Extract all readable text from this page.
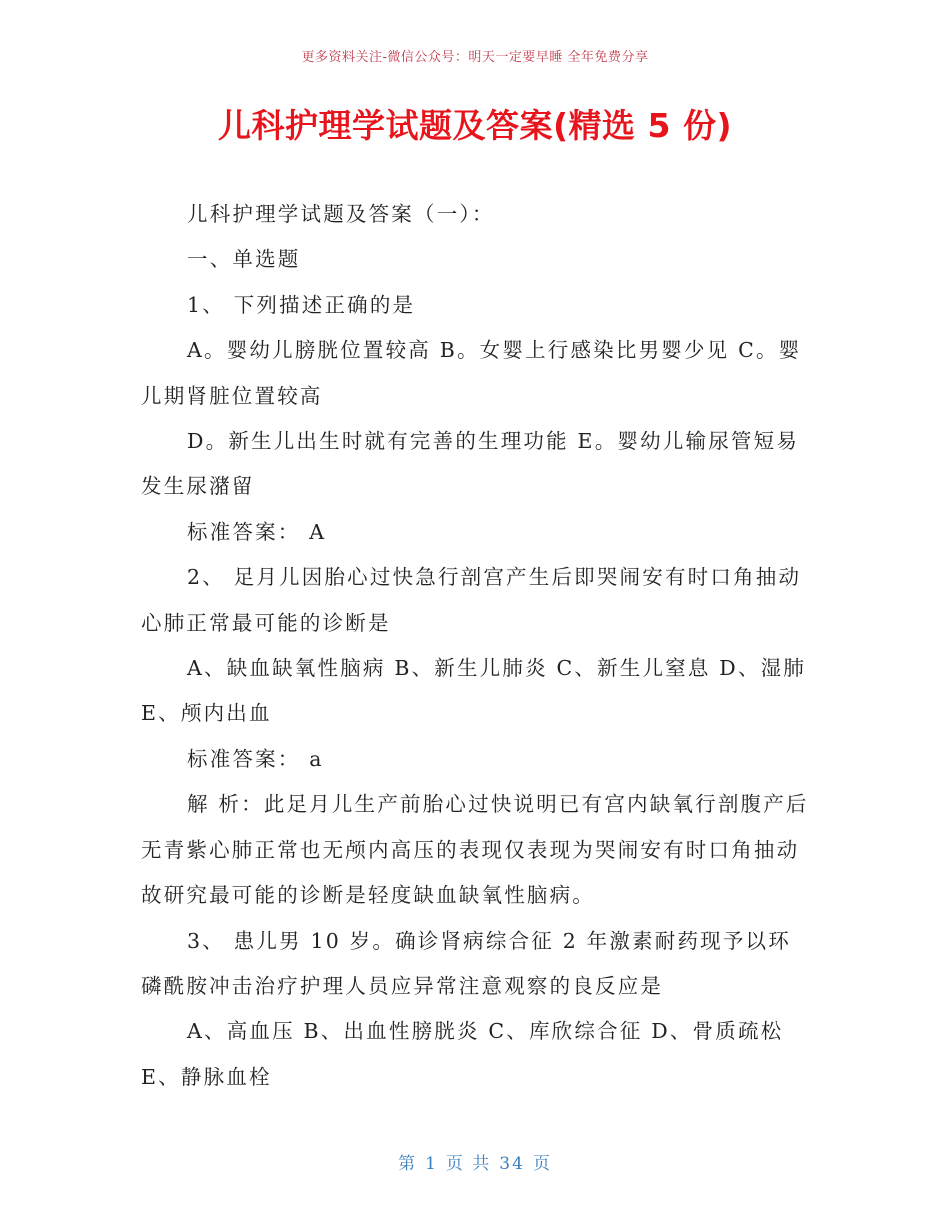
更多资料关注-微信公众号：明天一定要早睡 全年免费分享
儿科护理学试题及答案(精选 5 份)

儿科护理学试题及答案（一）：

一、单选题

1、 下列描述正确的是

A。婴幼儿膀胱位置较高 B。女婴上行感染比男婴少见 C。婴儿期肾脏位置较高

D。新生儿出生时就有完善的生理功能 E。婴幼儿输尿管短易发生尿潴留

标准答案： A

2、 足月儿因胎心过快急行剖宫产生后即哭闹安有时口角抽动心肺正常最可能的诊断是

A、缺血缺氧性脑病 B、新生儿肺炎 C、新生儿窒息 D、湿肺 E、颅内出血

标准答案： a

解 析：此足月儿生产前胎心过快说明已有宫内缺氧行剖腹产后无青紫心肺正常也无颅内高压的表现仅表现为哭闹安有时口角抽动故研究最可能的诊断是轻度缺血缺氧性脑病。

3、 患儿男 10 岁。确诊肾病综合征 2 年激素耐药现予以环磷酰胺冲击治疗护理人员应异常注意观察的良反应是

A、高血压 B、出血性膀胱炎 C、库欣综合征 D、骨质疏松 E、静脉血栓

第 1 页 共 34 页
